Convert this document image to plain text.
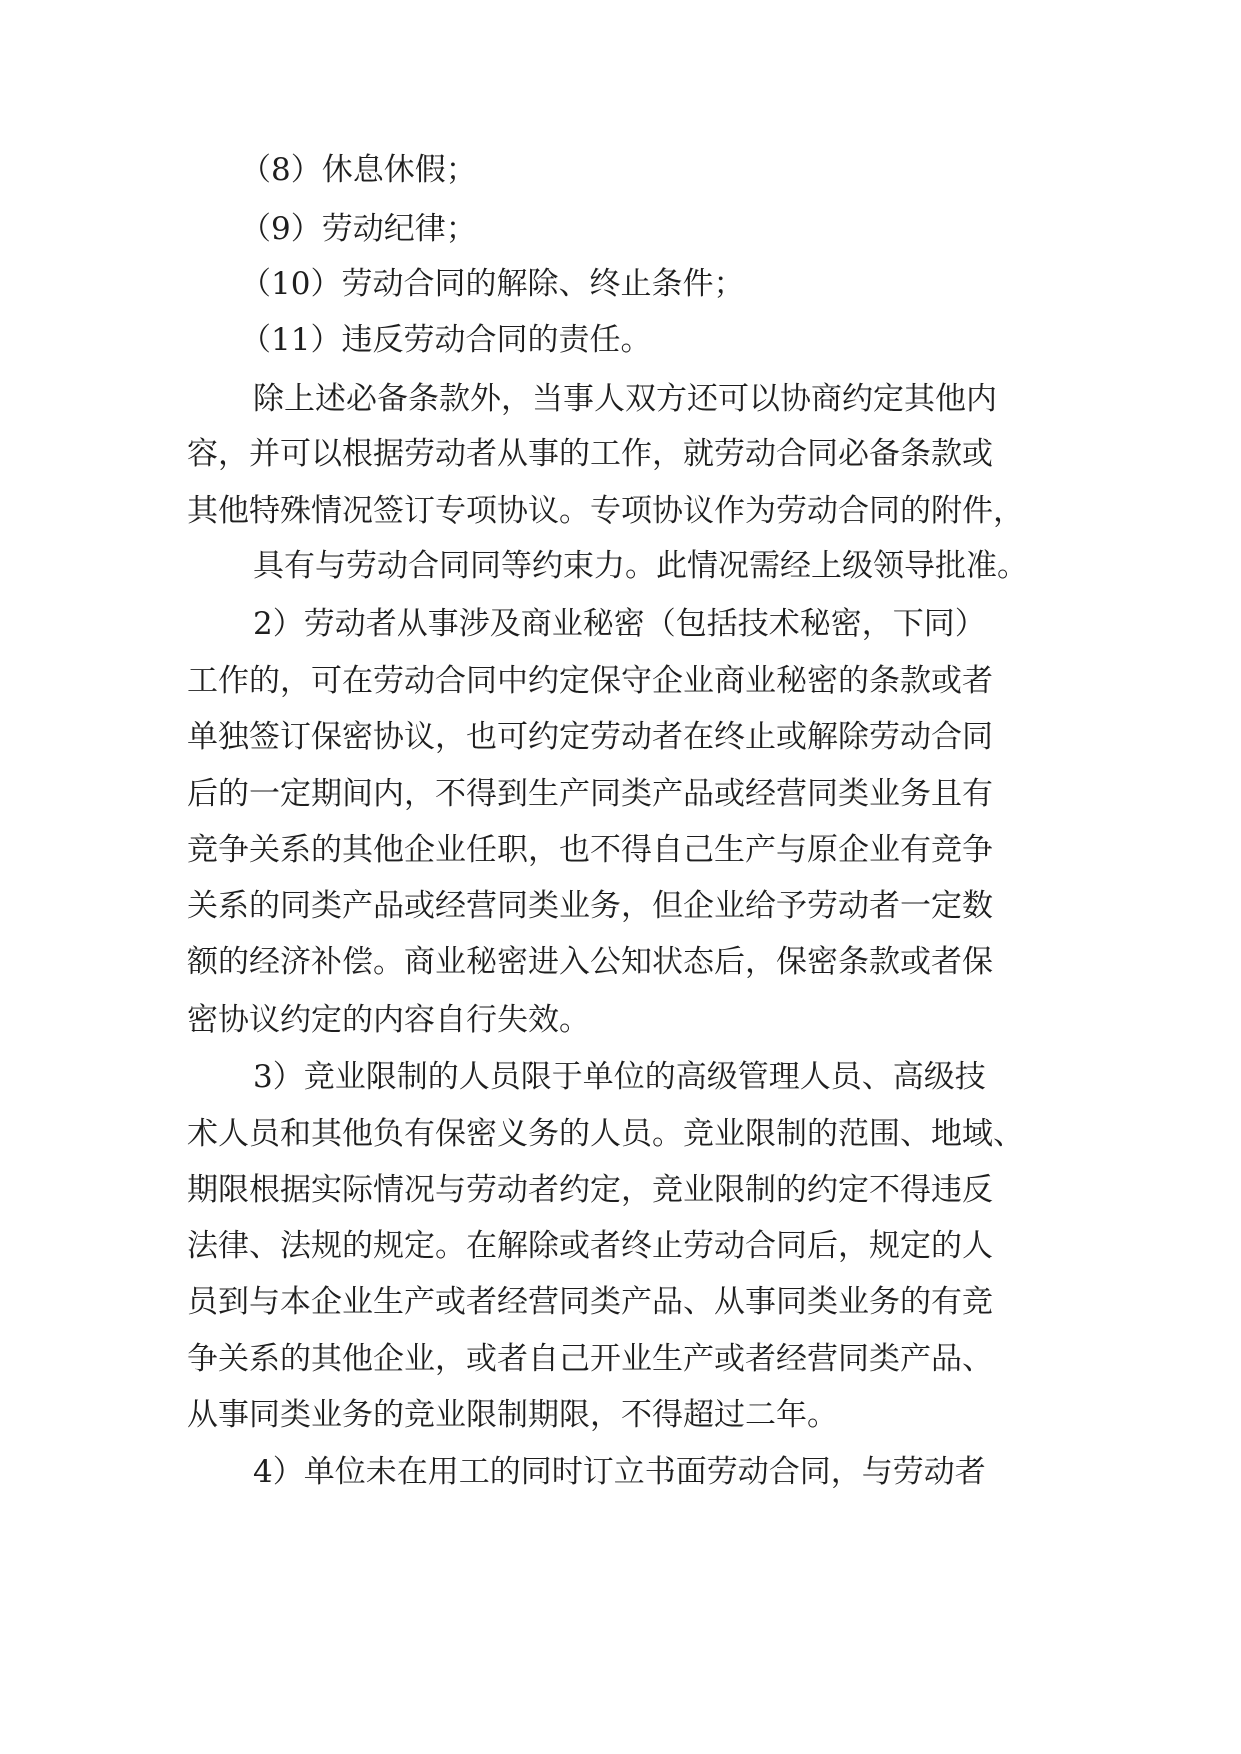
（8）休息休假；

（9）劳动纪律；

（10）劳动合同的解除、终止条件；

（11）违反劳动合同的责任。

除上述必备条款外，当事人双方还可以协商约定其他内

容，并可以根据劳动者从事的工作，就劳动合同必备条款或

其他特殊情况签订专项协议。专项协议作为劳动合同的附件，

具有与劳动合同同等约束力。此情况需经上级领导批准。

2）劳动者从事涉及商业秘密（包括技术秘密，下同）

工作的，可在劳动合同中约定保守企业商业秘密的条款或者

单独签订保密协议，也可约定劳动者在终止或解除劳动合同

后的一定期间内，不得到生产同类产品或经营同类业务且有

竞争关系的其他企业任职，也不得自己生产与原企业有竞争

关系的同类产品或经营同类业务，但企业给予劳动者一定数

额的经济补偿。商业秘密进入公知状态后，保密条款或者保

密协议约定的内容自行失效。

3）竞业限制的人员限于单位的高级管理人员、高级技

术人员和其他负有保密义务的人员。竞业限制的范围、地域、

期限根据实际情况与劳动者约定，竞业限制的约定不得违反

法律、法规的规定。在解除或者终止劳动合同后，规定的人

员到与本企业生产或者经营同类产品、从事同类业务的有竞

争关系的其他企业，或者自己开业生产或者经营同类产品、

从事同类业务的竞业限制期限，不得超过二年。

4）单位未在用工的同时订立书面劳动合同，与劳动者
